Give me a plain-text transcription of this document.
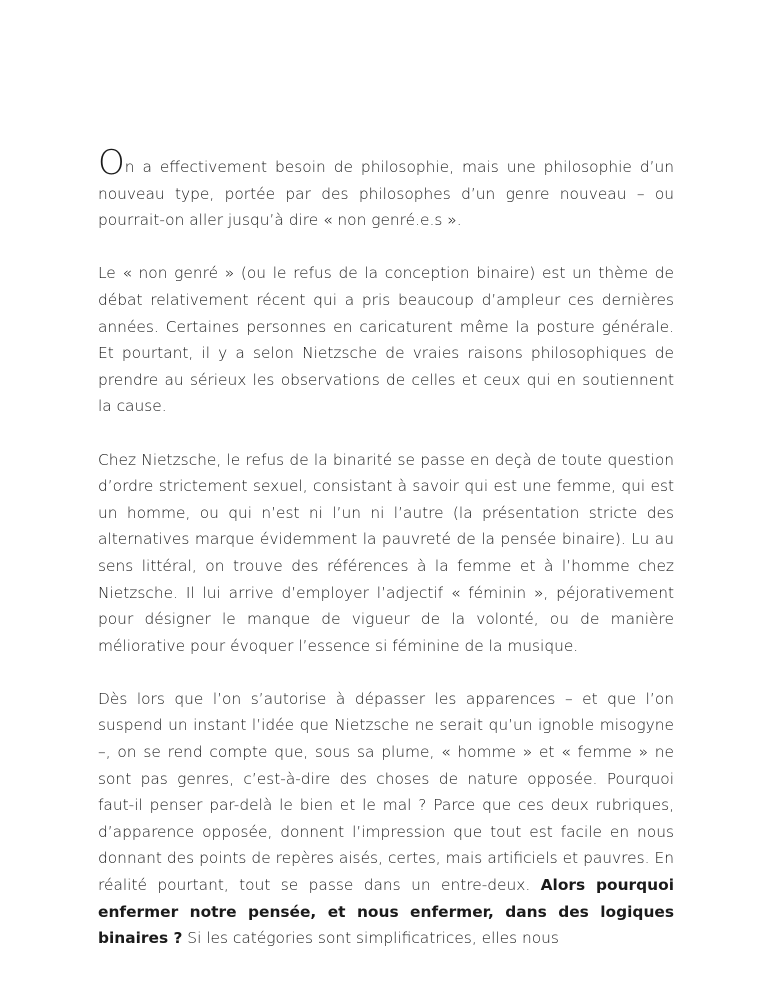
On a effectivement besoin de philosophie, mais une philosophie d’un nouveau type, portée par des philosophes d’un genre nouveau – ou pourrait-on aller jusqu’à dire « non genré.e.s ».

Le « non genré » (ou le refus de la conception binaire) est un thème de débat relativement récent qui a pris beaucoup d’ampleur ces dernières années. Certaines personnes en caricaturent même la posture générale. Et pourtant, il y a selon Nietzsche de vraies raisons philosophiques de prendre au sérieux les observations de celles et ceux qui en soutiennent la cause.

Chez Nietzsche, le refus de la binarité se passe en deçà de toute question d’ordre strictement sexuel, consistant à savoir qui est une femme, qui est un homme, ou qui n’est ni l’un ni l’autre (la présentation stricte des alternatives marque évidemment la pauvreté de la pensée binaire). Lu au sens littéral, on trouve des références à la femme et à l’homme chez Nietzsche. Il lui arrive d’employer l’adjectif « féminin », péjorativement pour désigner le manque de vigueur de la volonté, ou de manière méliorative pour évoquer l’essence si féminine de la musique.

Dès lors que l’on s’autorise à dépasser les apparences – et que l’on suspend un instant l’idée que Nietzsche ne serait qu’un ignoble misogyne –, on se rend compte que, sous sa plume, « homme » et « femme » ne sont pas genres, c’est-à-dire des choses de nature opposée. Pourquoi faut-il penser par-delà le bien et le mal ? Parce que ces deux rubriques, d’apparence opposée, donnent l’impression que tout est facile en nous donnant des points de repères aisés, certes, mais artificiels et pauvres. En réalité pourtant, tout se passe dans un entre-deux. Alors pourquoi enfermer notre pensée, et nous enfermer, dans des logiques binaires ? Si les catégories sont simplificatrices, elles nous
